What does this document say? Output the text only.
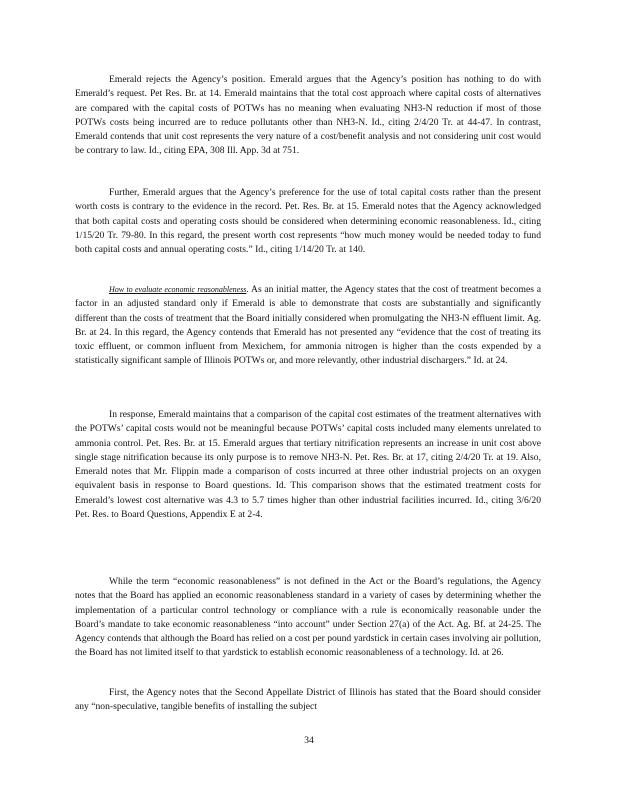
Emerald rejects the Agency’s position. Emerald argues that the Agency’s position has nothing to do with Emerald’s request. Pet Res. Br. at 14. Emerald maintains that the total cost approach where capital costs of alternatives are compared with the capital costs of POTWs has no meaning when evaluating NH3-N reduction if most of those POTWs costs being incurred are to reduce pollutants other than NH3-N. Id., citing 2/4/20 Tr. at 44-47. In contrast, Emerald contends that unit cost represents the very nature of a cost/benefit analysis and not considering unit cost would be contrary to law. Id., citing EPA, 308 Ill. App. 3d at 751.

Further, Emerald argues that the Agency’s preference for the use of total capital costs rather than the present worth costs is contrary to the evidence in the record. Pet. Res. Br. at 15. Emerald notes that the Agency acknowledged that both capital costs and operating costs should be considered when determining economic reasonableness. Id., citing 1/15/20 Tr. 79-80. In this regard, the present worth cost represents “how much money would be needed today to fund both capital costs and annual operating costs.” Id., citing 1/14/20 Tr. at 140.

How to evaluate economic reasonableness. As an initial matter, the Agency states that the cost of treatment becomes a factor in an adjusted standard only if Emerald is able to demonstrate that costs are substantially and significantly different than the costs of treatment that the Board initially considered when promulgating the NH3-N effluent limit. Ag. Br. at 24. In this regard, the Agency contends that Emerald has not presented any “evidence that the cost of treating its toxic effluent, or common influent from Mexichem, for ammonia nitrogen is higher than the costs expended by a statistically significant sample of Illinois POTWs or, and more relevantly, other industrial dischargers.” Id. at 24.

In response, Emerald maintains that a comparison of the capital cost estimates of the treatment alternatives with the POTWs’ capital costs would not be meaningful because POTWs’ capital costs included many elements unrelated to ammonia control. Pet. Res. Br. at 15. Emerald argues that tertiary nitrification represents an increase in unit cost above single stage nitrification because its only purpose is to remove NH3-N. Pet. Res. Br. at 17, citing 2/4/20 Tr. at 19. Also, Emerald notes that Mr. Flippin made a comparison of costs incurred at three other industrial projects on an oxygen equivalent basis in response to Board questions. Id. This comparison shows that the estimated treatment costs for Emerald’s lowest cost alternative was 4.3 to 5.7 times higher than other industrial facilities incurred. Id., citing 3/6/20 Pet. Res. to Board Questions, Appendix E at 2-4.

While the term “economic reasonableness” is not defined in the Act or the Board’s regulations, the Agency notes that the Board has applied an economic reasonableness standard in a variety of cases by determining whether the implementation of a particular control technology or compliance with a rule is economically reasonable under the Board’s mandate to take economic reasonableness “into account” under Section 27(a) of the Act. Ag. Bf. at 24-25. The Agency contends that although the Board has relied on a cost per pound yardstick in certain cases involving air pollution, the Board has not limited itself to that yardstick to establish economic reasonableness of a technology. Id. at 26.

First, the Agency notes that the Second Appellate District of Illinois has stated that the Board should consider any “non-speculative, tangible benefits of installing the subject

34
